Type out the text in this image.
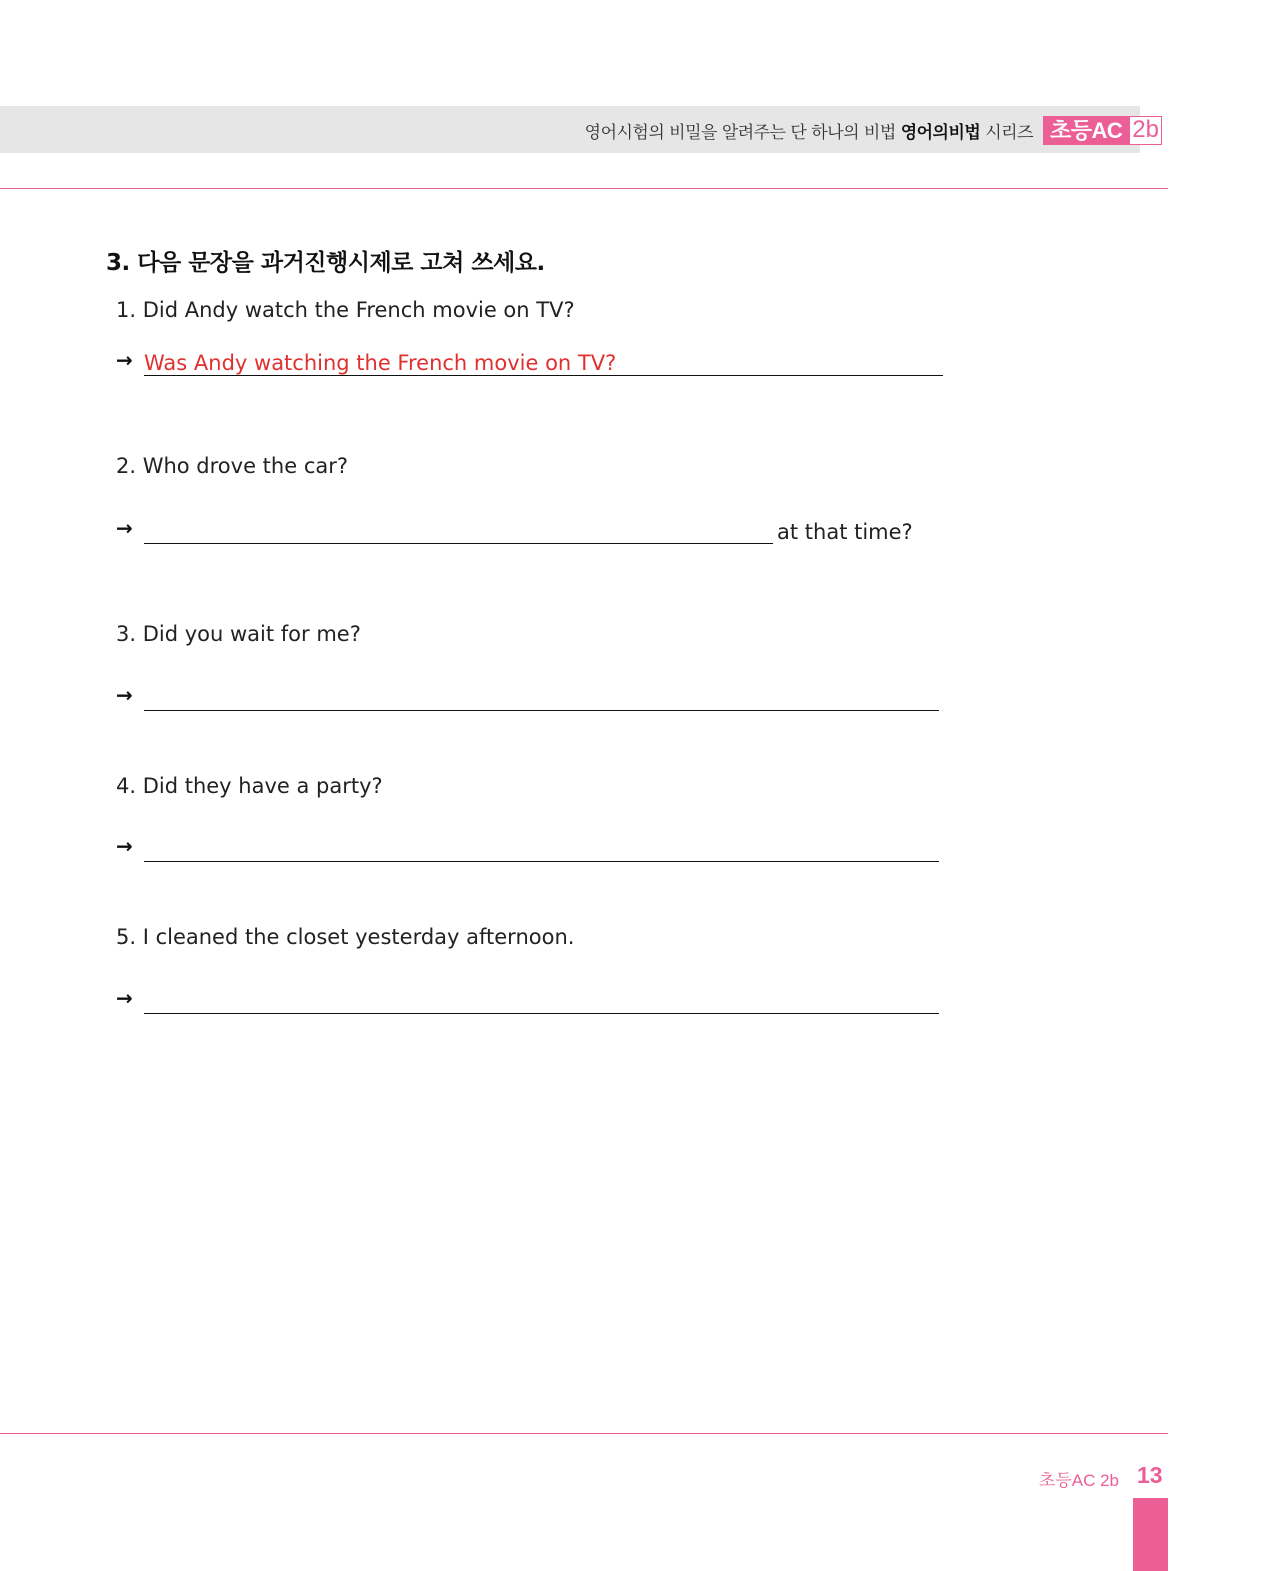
영어시험의 비밀을 알려주는 단 하나의 비법 영어의비법 시리즈 초등AC 2b
3. 다음 문장을 과거진행시제로 고쳐 쓰세요.
1. Did Andy watch the French movie on TV?
→ Was Andy watching the French movie on TV?
2. Who drove the car?
→	at that time?
3. Did you wait for me?
→
4. Did they have a party?
→
5. I cleaned the closet yesterday afternoon.
→
초등AC 2b 13
